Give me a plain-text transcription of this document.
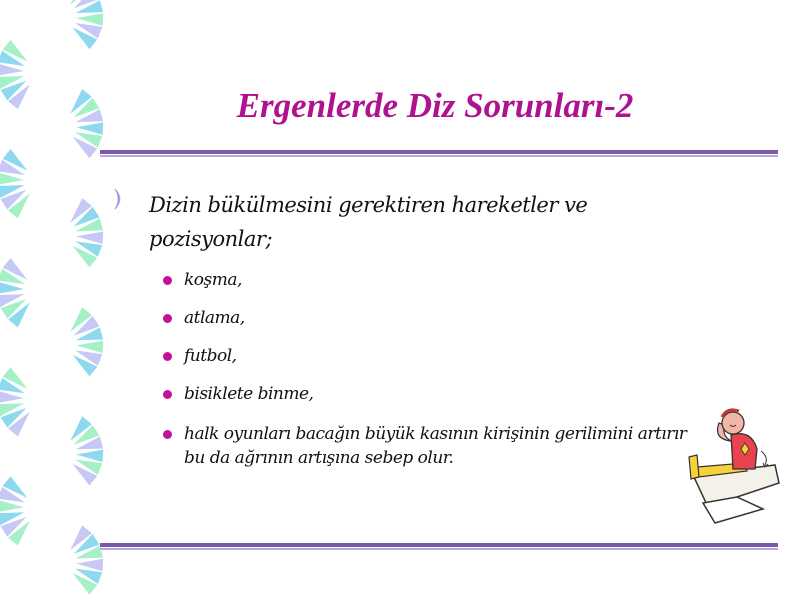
Ergenlerde Diz Sorunları-2

Dizin bükülmesini gerektiren hareketler ve pozisyonlar;

koşma,
atlama,
futbol,
bisiklete binme,
halk oyunları bacağın büyük kasının kirişinin gerilimini artırır bu da ağrının artışına sebep olur.
